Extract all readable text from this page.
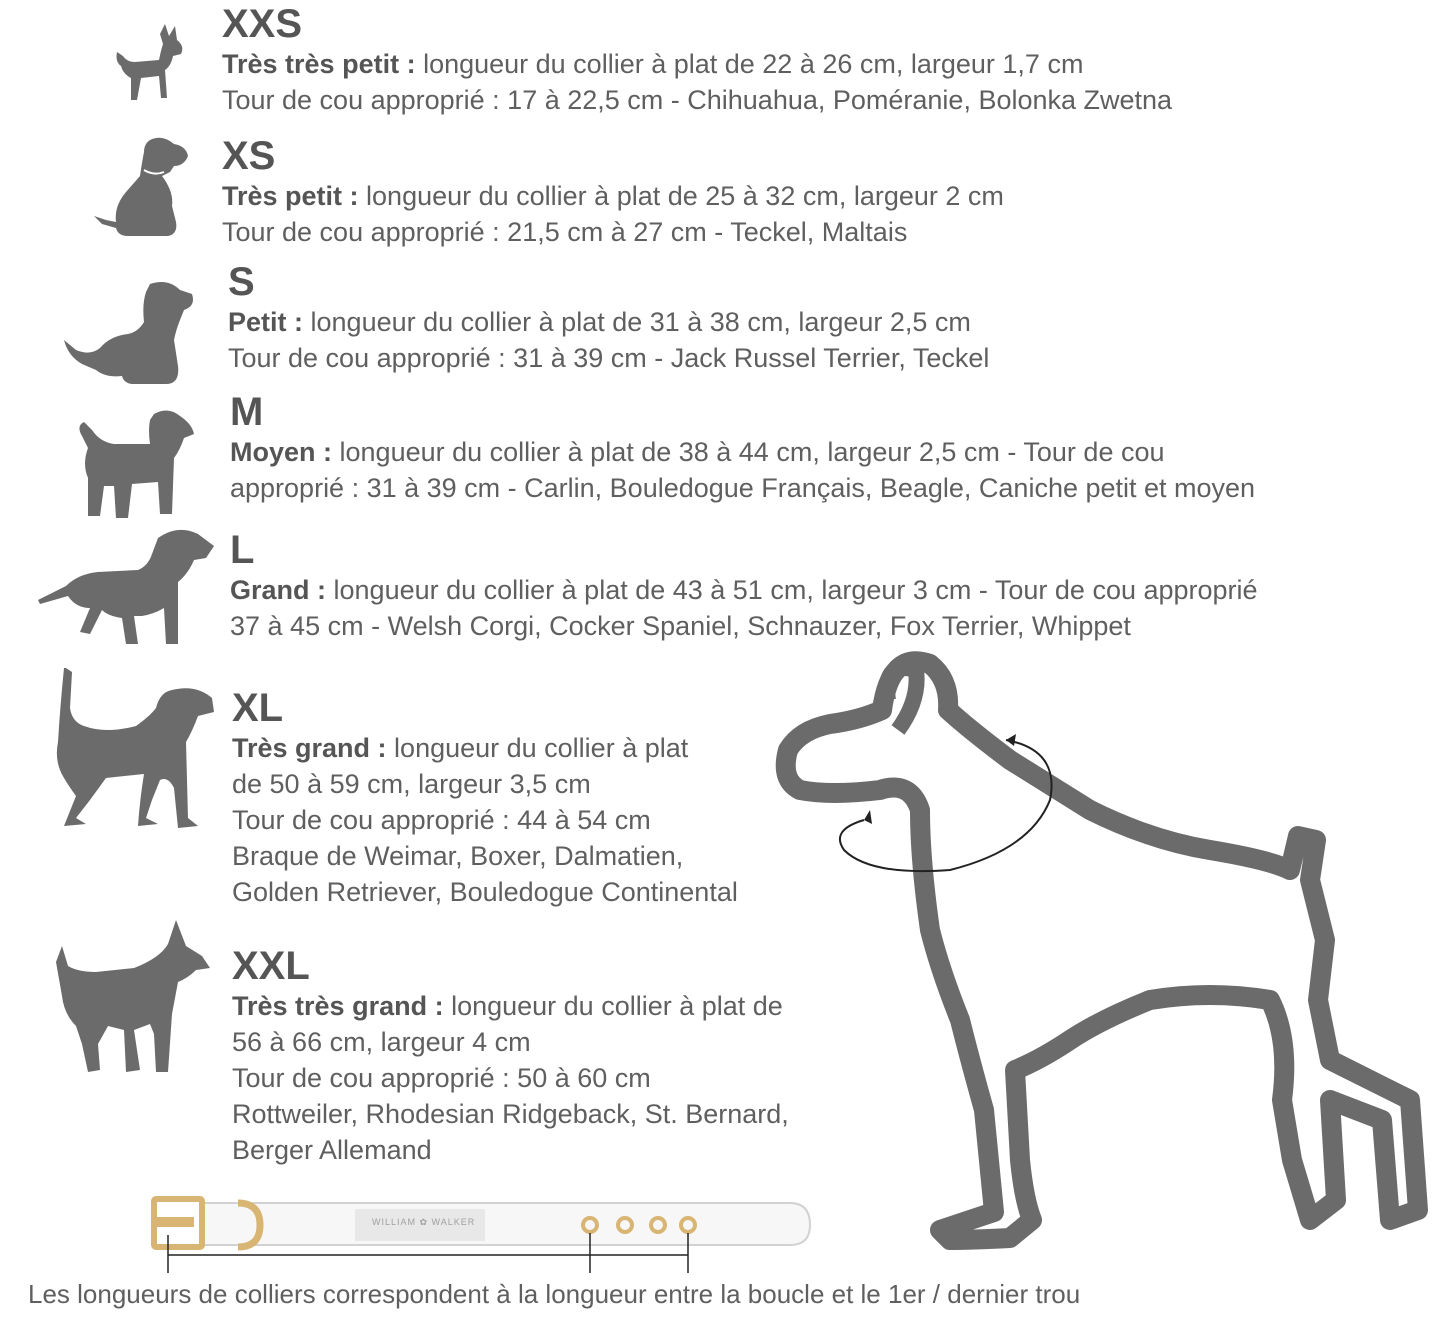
XXS

Très très petit : longueur du collier à plat de 22 à 26 cm, largeur 1,7 cm

Tour de cou approprié : 17 à 22,5 cm - Chihuahua, Poméranie, Bolonka Zwetna

XS

Très petit : longueur du collier à plat de 25 à 32 cm, largeur 2 cm

Tour de cou approprié : 21,5 cm à 27 cm - Teckel, Maltais

S

Petit : longueur du collier à plat de 31 à 38 cm, largeur 2,5 cm

Tour de cou approprié : 31 à 39 cm - Jack Russel Terrier, Teckel

M

Moyen : longueur du collier à plat de 38 à 44 cm, largeur 2,5 cm - Tour de cou

approprié : 31 à 39 cm - Carlin, Bouledogue Français, Beagle, Caniche petit et moyen

L

Grand : longueur du collier à plat de 43 à 51 cm, largeur 3 cm - Tour de cou approprié

37 à 45 cm - Welsh Corgi, Cocker Spaniel, Schnauzer, Fox Terrier, Whippet

XL

Très grand : longueur du collier à plat

de 50 à 59 cm, largeur 3,5 cm

Tour de cou approprié : 44 à 54 cm

Braque de Weimar, Boxer, Dalmatien,

Golden Retriever, Bouledogue Continental

XXL

Très très grand : longueur du collier à plat de

56 à 66 cm, largeur 4 cm

Tour de cou approprié : 50 à 60 cm

Rottweiler, Rhodesian Ridgeback, St. Bernard,

Berger Allemand

WILLIAM ✿ WALKER
Les longueurs de colliers correspondent à la longueur entre la boucle et le 1er / dernier trou
